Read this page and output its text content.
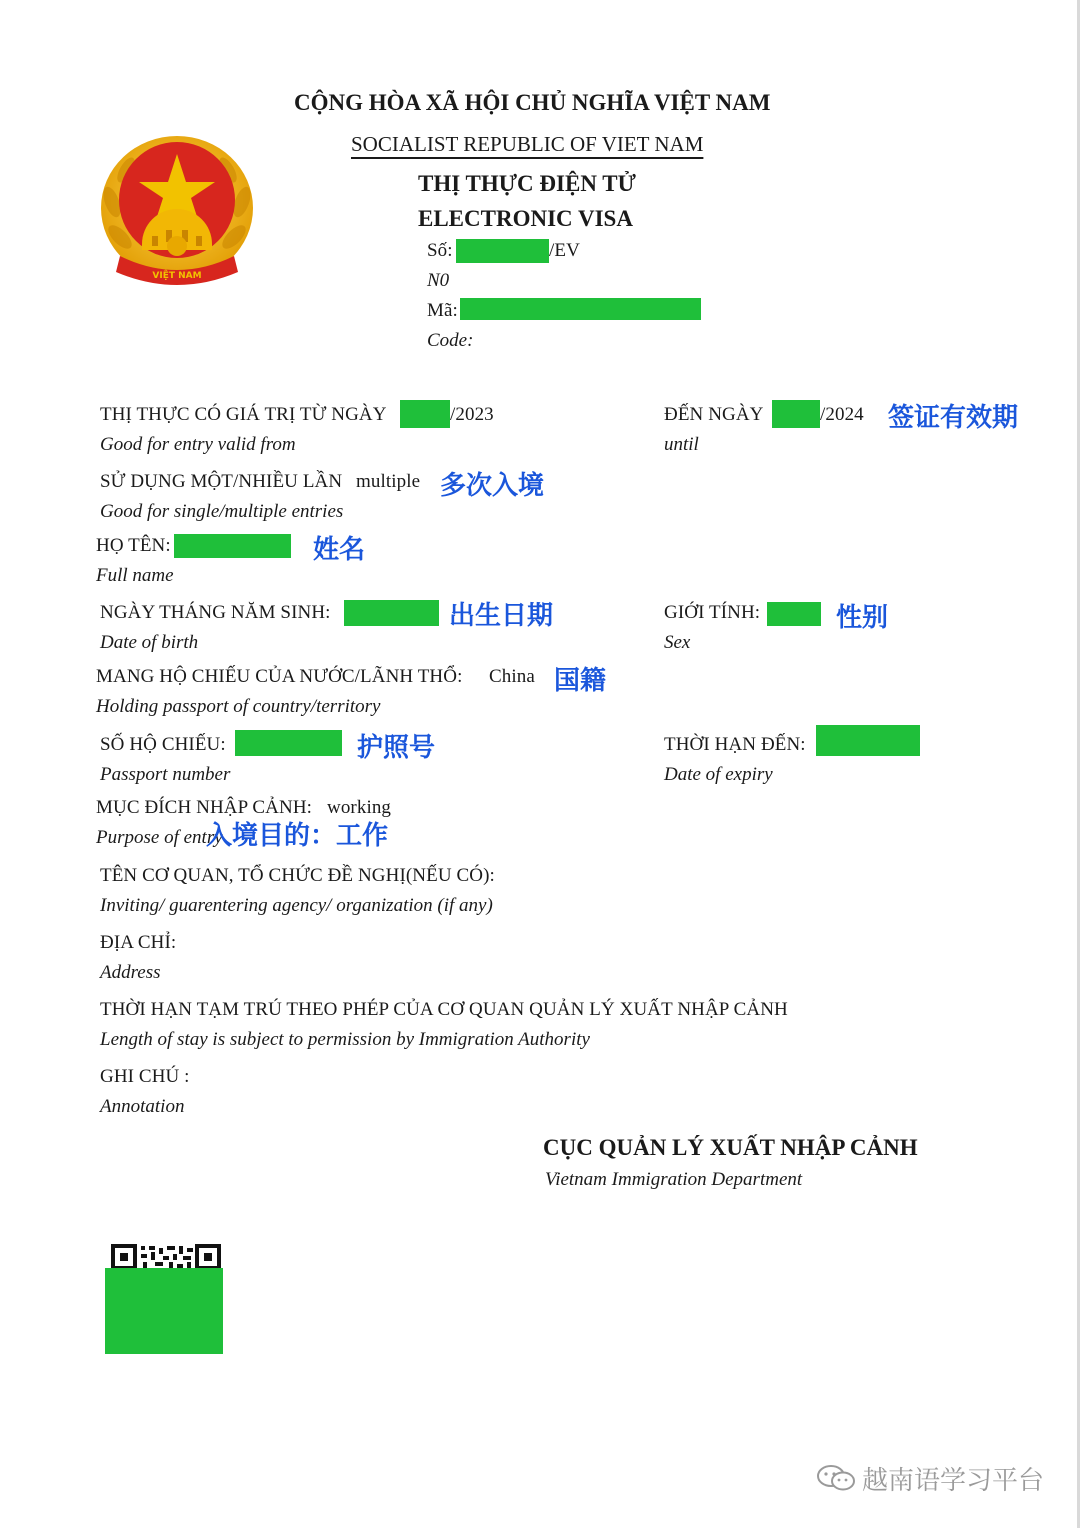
VIỆT NAM
CỘNG HÒA XÃ HỘI CHỦ NGHĨA VIỆT NAM
SOCIALIST REPUBLIC OF VIET NAM
THỊ THỰC ĐIỆN TỬ
ELECTRONIC VISA
Số:	/EV
N0
Mã:
Code:
THỊ THỰC CÓ GIÁ TRỊ TỪ NGÀY	/2023
Good for entry valid from
ĐẾN NGÀY	/2024
until
签证有效期
SỬ DỤNG MỘT/NHIỀU LẦN multiple 多次入境
Good for single/multiple entries
HỌ TÊN:	姓名
Full name
NGÀY THÁNG NĂM SINH:	出生日期
Date of birth
GIỚI TÍNH:	性别
Sex
MANG HỘ CHIẾU CỦA NƯỚC/LÃNH THỔ: China 国籍
Holding passport of country/territory
SỐ HỘ CHIẾU:	护照号
Passport number
THỜI HẠN ĐẾN:
Date of expiry
MỤC ĐÍCH NHẬP CẢNH: working
Purpose of entry
入境目的：工作
TÊN CƠ QUAN, TỔ CHỨC ĐỀ NGHỊ(NẾU CÓ):
Inviting/ guarentering agency/ organization (if any)
ĐỊA CHỈ:
Address
THỜI HẠN TẠM TRÚ THEO PHÉP CỦA CƠ QUAN QUẢN LÝ XUẤT NHẬP CẢNH
Length of stay is subject to permission by Immigration Authority
GHI CHÚ :
Annotation
CỤC QUẢN LÝ XUẤT NHẬP CẢNH
Vietnam Immigration Department
越南语学习平台
